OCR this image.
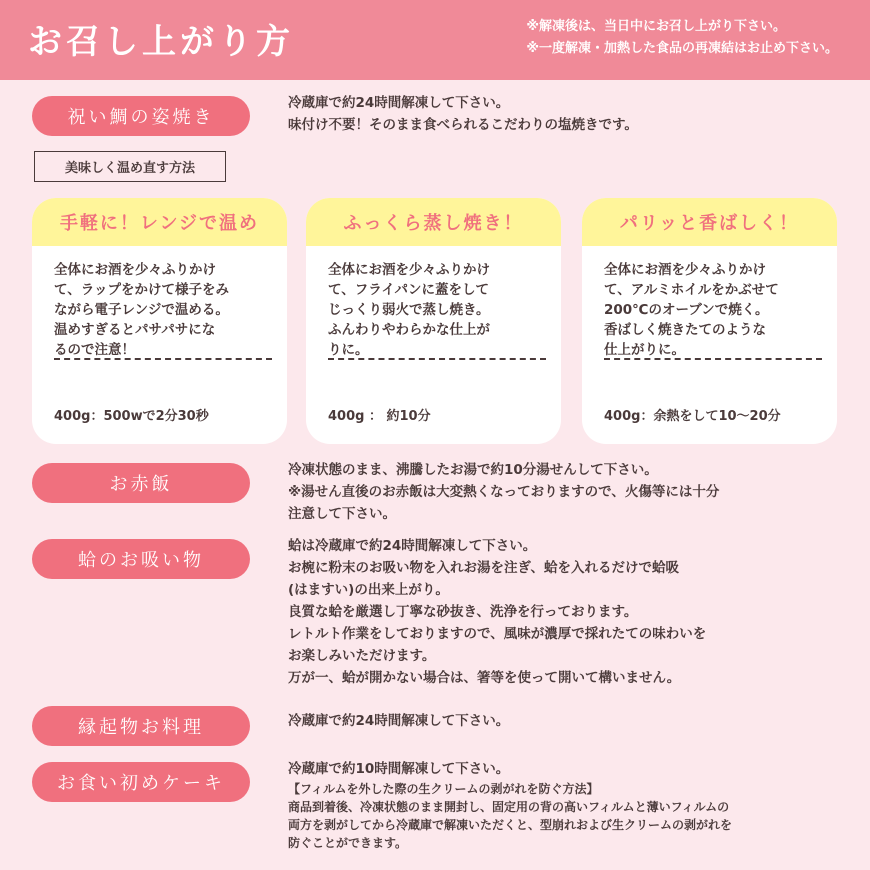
お召し上がり方	※解凍後は、当日中にお召し上がり下さい。
※一度解凍・加熱した食品の再凍結はお止め下さい。
祝い鯛の姿焼き
冷蔵庫で約24時間解凍して下さい。
味付け不要！そのまま食べられるこだわりの塩焼きです。
美味しく温め直す方法
手軽に！レンジで温め
全体にお酒を少々ふりかけ
て、ラップをかけて様子をみ
ながら電子レンジで温める。
温めすぎるとパサパサにな
るので注意！

400g：500wで2分30秒

ふっくら蒸し焼き！
全体にお酒を少々ふりかけ
て、フライパンに蓋をして
じっくり弱火で蒸し焼き。
ふんわりやわらかな仕上が
りに。

400g ： 約10分

パリッと香ばしく！
全体にお酒を少々ふりかけ
て、アルミホイルをかぶせて
200℃のオーブンで焼く。
香ばしく焼きたてのような
仕上がりに。

400g：余熱をして10～20分

お赤飯
冷凍状態のまま、沸騰したお湯で約10分湯せんして下さい。
※湯せん直後のお赤飯は大変熱くなっておりますので、火傷等には十分
注意して下さい。
蛤のお吸い物
蛤は冷蔵庫で約24時間解凍して下さい。
お椀に粉末のお吸い物を入れお湯を注ぎ、蛤を入れるだけで蛤吸
(はますい)の出来上がり。
良質な蛤を厳選し丁寧な砂抜き、洗浄を行っております。
レトルト作業をしておりますので、風味が濃厚で採れたての味わいを
お楽しみいただけます。
万が一、蛤が開かない場合は、箸等を使って開いて構いません。
縁起物お料理	冷蔵庫で約24時間解凍して下さい。
お食い初めケーキ
冷蔵庫で約10時間解凍して下さい。
【フィルムを外した際の生クリームの剥がれを防ぐ方法】
商品到着後、冷凍状態のまま開封し、固定用の背の高いフィルムと薄いフィルムの
両方を剥がしてから冷蔵庫で解凍いただくと、型崩れおよび生クリームの剥がれを
防ぐことができます。
